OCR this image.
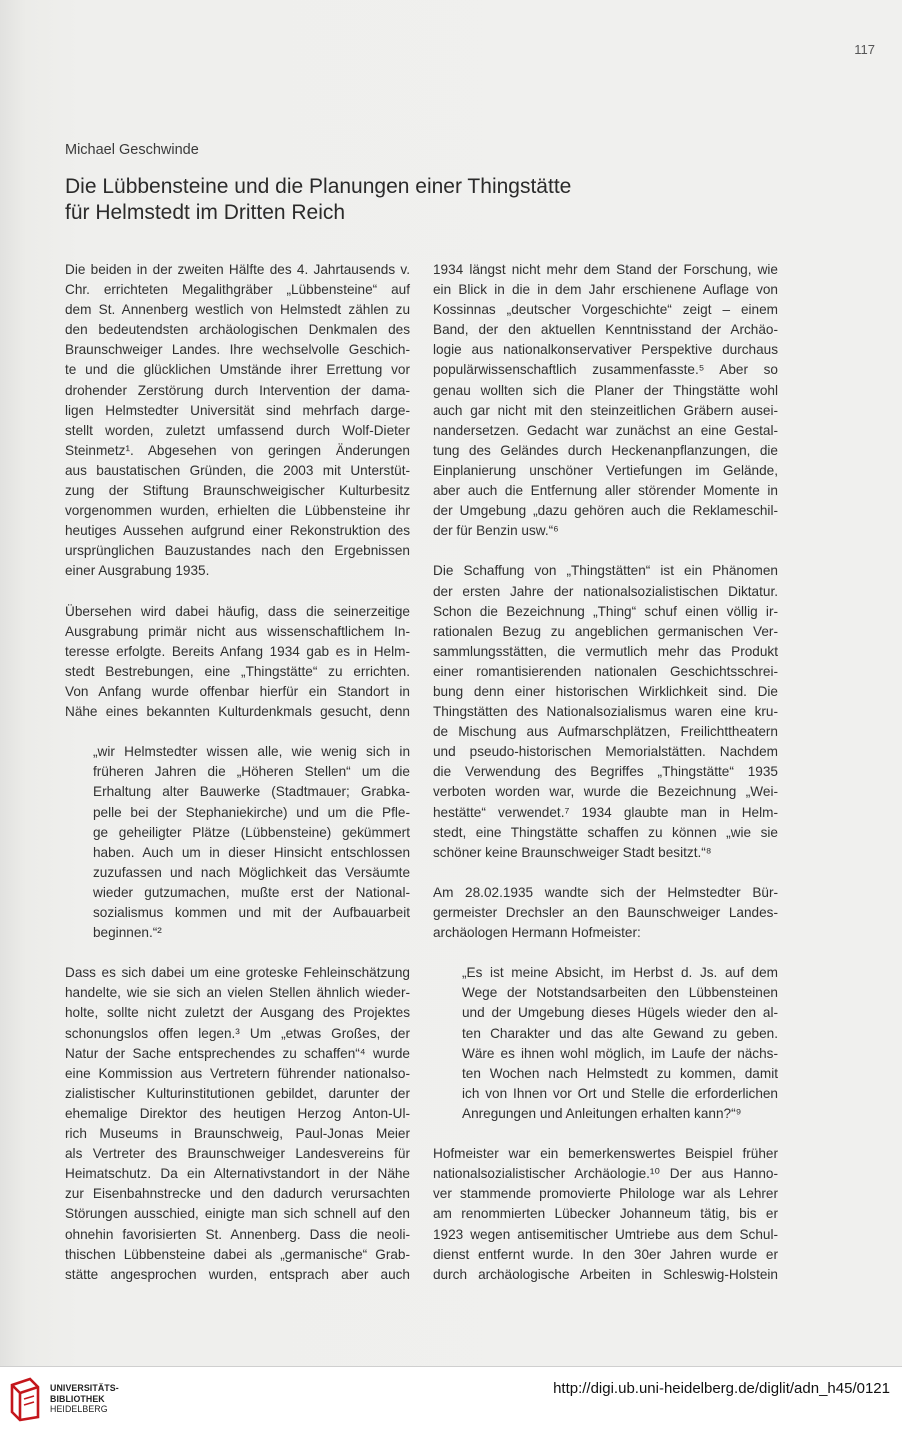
117
Michael Geschwinde
Die Lübbensteine und die Planungen einer Thingstätte
für Helmstedt im Dritten Reich
Die beiden in der zweiten Hälfte des 4. Jahrtausends v.
Chr. errichteten Megalithgräber „Lübbensteine“ auf
dem St. Annenberg westlich von Helmstedt zählen zu
den bedeutendsten archäologischen Denkmalen des
Braunschweiger Landes. Ihre wechselvolle Geschich-
te und die glücklichen Umstände ihrer Errettung vor
drohender Zerstörung durch Intervention der dama-
ligen Helmstedter Universität sind mehrfach darge-
stellt worden, zuletzt umfassend durch Wolf-Dieter
Steinmetz¹. Abgesehen von geringen Änderungen
aus baustatischen Gründen, die 2003 mit Unterstüt-
zung der Stiftung Braunschweigischer Kulturbesitz
vorgenommen wurden, erhielten die Lübbensteine ihr
heutiges Aussehen aufgrund einer Rekonstruktion des
ursprünglichen Bauzustandes nach den Ergebnissen
einer Ausgrabung 1935.
Übersehen wird dabei häufig, dass die seinerzeitige
Ausgrabung primär nicht aus wissenschaftlichem In-
teresse erfolgte. Bereits Anfang 1934 gab es in Helm-
stedt Bestrebungen, eine „Thingstätte“ zu errichten.
Von Anfang wurde offenbar hierfür ein Standort in
Nähe eines bekannten Kulturdenkmals gesucht, denn
„wir Helmstedter wissen alle, wie wenig sich in
früheren Jahren die „Höheren Stellen“ um die
Erhaltung alter Bauwerke (Stadtmauer; Grabka-
pelle bei der Stephaniekirche) und um die Pfle-
ge geheiligter Plätze (Lübbensteine) gekümmert
haben. Auch um in dieser Hinsicht entschlossen
zuzufassen und nach Möglichkeit das Versäumte
wieder gutzumachen, mußte erst der National-
sozialismus kommen und mit der Aufbauarbeit
beginnen.“²
Dass es sich dabei um eine groteske Fehleinschätzung
handelte, wie sie sich an vielen Stellen ähnlich wieder-
holte, sollte nicht zuletzt der Ausgang des Projektes
schonungslos offen legen.³ Um „etwas Großes, der
Natur der Sache entsprechendes zu schaffen“⁴ wurde
eine Kommission aus Vertretern führender nationalso-
zialistischer Kulturinstitutionen gebildet, darunter der
ehemalige Direktor des heutigen Herzog Anton-Ul-
rich Museums in Braunschweig, Paul-Jonas Meier
als Vertreter des Braunschweiger Landesvereins für
Heimatschutz. Da ein Alternativstandort in der Nähe
zur Eisenbahnstrecke und den dadurch verursachten
Störungen ausschied, einigte man sich schnell auf den
ohnehin favorisierten St. Annenberg. Dass die neoli-
thischen Lübbensteine dabei als „germanische“ Grab-
stätte angesprochen wurden, entsprach aber auch
1934 längst nicht mehr dem Stand der Forschung, wie
ein Blick in die in dem Jahr erschienene Auflage von
Kossinnas „deutscher Vorgeschichte“ zeigt – einem
Band, der den aktuellen Kenntnisstand der Archäo-
logie aus nationalkonservativer Perspektive durchaus
populärwissenschaftlich zusammenfasste.⁵ Aber so
genau wollten sich die Planer der Thingstätte wohl
auch gar nicht mit den steinzeitlichen Gräbern ausei-
nandersetzen. Gedacht war zunächst an eine Gestal-
tung des Geländes durch Heckenanpflanzungen, die
Einplanierung unschöner Vertiefungen im Gelände,
aber auch die Entfernung aller störender Momente in
der Umgebung „dazu gehören auch die Reklameschil-
der für Benzin usw.“⁶
Die Schaffung von „Thingstätten“ ist ein Phänomen
der ersten Jahre der nationalsozialistischen Diktatur.
Schon die Bezeichnung „Thing“ schuf einen völlig ir-
rationalen Bezug zu angeblichen germanischen Ver-
sammlungsstätten, die vermutlich mehr das Produkt
einer romantisierenden nationalen Geschichtsschrei-
bung denn einer historischen Wirklichkeit sind. Die
Thingstätten des Nationalsozialismus waren eine kru-
de Mischung aus Aufmarschplätzen, Freilichttheatern
und pseudo-historischen Memorialstätten. Nachdem
die Verwendung des Begriffes „Thingstätte“ 1935
verboten worden war, wurde die Bezeichnung „Wei-
hestätte“ verwendet.⁷ 1934 glaubte man in Helm-
stedt, eine Thingstätte schaffen zu können „wie sie
schöner keine Braunschweiger Stadt besitzt.“⁸
Am 28.02.1935 wandte sich der Helmstedter Bür-
germeister Drechsler an den Baunschweiger Landes-
archäologen Hermann Hofmeister:
„Es ist meine Absicht, im Herbst d. Js. auf dem
Wege der Notstandsarbeiten den Lübbensteinen
und der Umgebung dieses Hügels wieder den al-
ten Charakter und das alte Gewand zu geben.
Wäre es ihnen wohl möglich, im Laufe der nächs-
ten Wochen nach Helmstedt zu kommen, damit
ich von Ihnen vor Ort und Stelle die erforderlichen
Anregungen und Anleitungen erhalten kann?“⁹
Hofmeister war ein bemerkenswertes Beispiel früher
nationalsozialistischer Archäologie.¹⁰ Der aus Hanno-
ver stammende promovierte Philologe war als Lehrer
am renommierten Lübecker Johanneum tätig, bis er
1923 wegen antisemitischer Umtriebe aus dem Schul-
dienst entfernt wurde. In den 30er Jahren wurde er
durch archäologische Arbeiten in Schleswig-Holstein
UNIVERSITÄTS-
BIBLIOTHEK
HEIDELBERG
http://digi.ub.uni-heidelberg.de/diglit/adn_h45/0121
